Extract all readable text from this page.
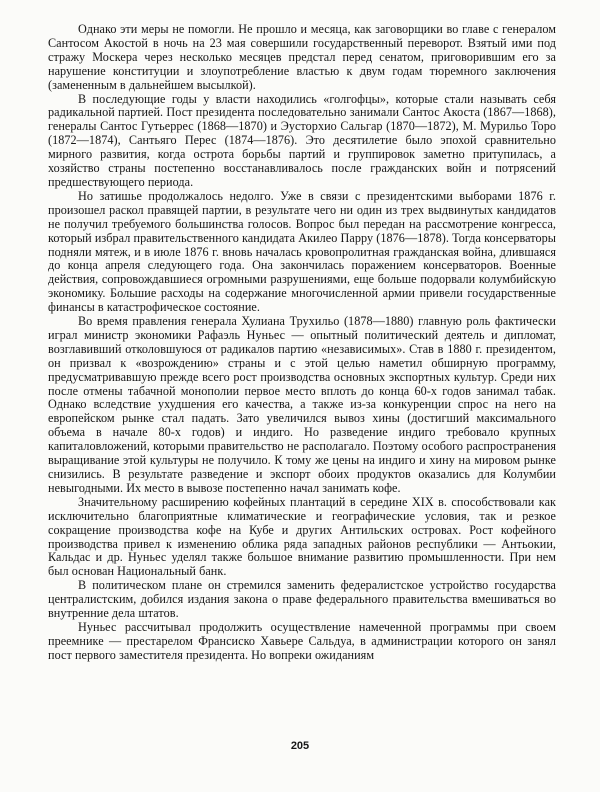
Однако эти меры не помогли. Не прошло и месяца, как заговорщики во главе с генералом Сантосом Акостой в ночь на 23 мая совершили государственный переворот. Взятый ими под стражу Москера через несколько месяцев предстал перед сенатом, приговорившим его за нарушение конституции и злоупотребление властью к двум годам тюремного заключения (замененным в дальнейшем высылкой).

В последующие годы у власти находились «голгофцы», которые стали называть себя радикальной партией. Пост президента последовательно занимали Сантос Акоста (1867—1868), генералы Сантос Гутьеррес (1868—1870) и Эусторхио Сальгар (1870—1872), М. Мурильо Торо (1872—1874), Сантьяго Перес (1874—1876). Это десятилетие было эпохой сравнительно мирного развития, когда острота борьбы партий и группировок заметно притупилась, а хозяйство страны постепенно восстанавливалось после гражданских войн и потрясений предшествующего периода.

Но затишье продолжалось недолго. Уже в связи с президентскими выборами 1876 г. произошел раскол правящей партии, в результате чего ни один из трех выдвинутых кандидатов не получил требуемого большинства голосов. Вопрос был передан на рассмотрение конгресса, который избрал правительственного кандидата Акилео Парру (1876—1878). Тогда консерваторы подняли мятеж, и в июле 1876 г. вновь началась кровопролитная гражданская война, длившаяся до конца апреля следующего года. Она закончилась поражением консерваторов. Военные действия, сопровождавшиеся огромными разрушениями, еще больше подорвали колумбийскую экономику. Большие расходы на содержание многочисленной армии привели государственные финансы в катастрофическое состояние.

Во время правления генерала Хулиана Трухильо (1878—1880) главную роль фактически играл министр экономики Рафаэль Нуньес — опытный политический деятель и дипломат, возглавивший отколовшуюся от радикалов партию «независимых». Став в 1880 г. президентом, он призвал к «возрождению» страны и с этой целью наметил обширную программу, предусматривавшую прежде всего рост производства основных экспортных культур. Среди них после отмены табачной монополии первое место вплоть до конца 60-х годов занимал табак. Однако вследствие ухудшения его качества, а также из-за конкуренции спрос на него на европейском рынке стал падать. Зато увеличился вывоз хины (достигший максимального объема в начале 80-х годов) и индиго. Но разведение индиго требовало крупных капиталовложений, которыми правительство не располагало. Поэтому особого распространения выращивание этой культуры не получило. К тому же цены на индиго и хину на мировом рынке снизились. В результате разведение и экспорт обоих продуктов оказались для Колумбии невыгодными. Их место в вывозе постепенно начал занимать кофе.

Значительному расширению кофейных плантаций в середине XIX в. способствовали как исключительно благоприятные климатические и географические условия, так и резкое сокращение производства кофе на Кубе и других Антильских островах. Рост кофейного производства привел к изменению облика ряда западных районов республики — Антьокии, Кальдас и др. Нуньес уделял также большое внимание развитию промышленности. При нем был основан Национальный банк.

В политическом плане он стремился заменить федералистское устройство государства централистским, добился издания закона о праве федерального правительства вмешиваться во внутренние дела штатов.

Нуньес рассчитывал продолжить осуществление намеченной программы при своем преемнике — престарелом Франсиско Хавьере Сальдуа, в администрации которого он занял пост первого заместителя президента. Но вопреки ожиданиям

205
